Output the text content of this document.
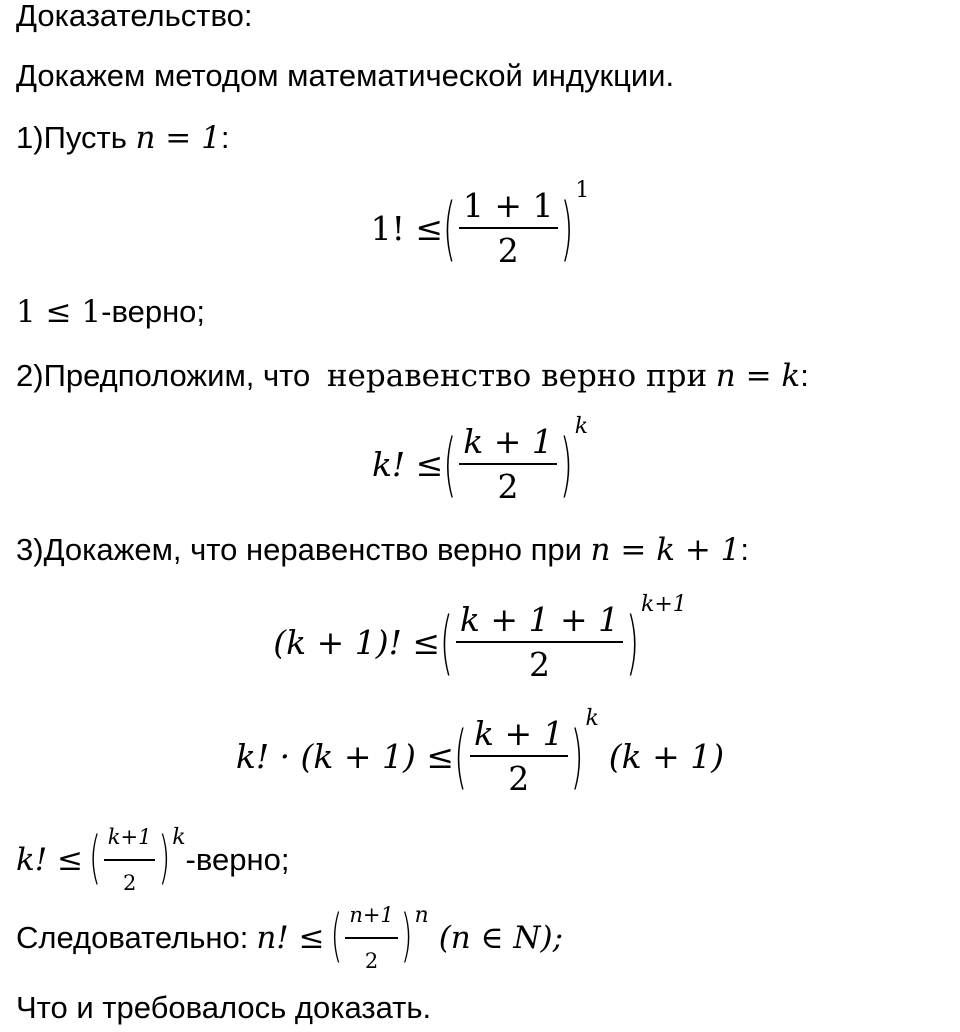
Доказательство:
Докажем методом математической индукции.
1)Пусть n = 1:
1! ≤ ( $\frac{1 + 1}{2}$ ) 1
1 ≤ 1-верно;
2)Предположим, что неравенство верно при n = k:
k! ≤ ( $\frac{k + 1}{2}$ ) k
3)Докажем, что неравенство верно при n = k + 1:
(k + 1)! ≤ ( $\frac{k + 1 + 1}{2}$ ) k+1
k! · (k + 1) ≤ ( $\frac{k + 1}{2}$ ) k
(k + 1)
k! ≤ ( $\frac{k+1}{2}$ ) k
-верно;
Следовательно: n! ≤ ( $\frac{n+1}{2}$ ) n
(n ∈ N);
Что и требовалось доказать.
